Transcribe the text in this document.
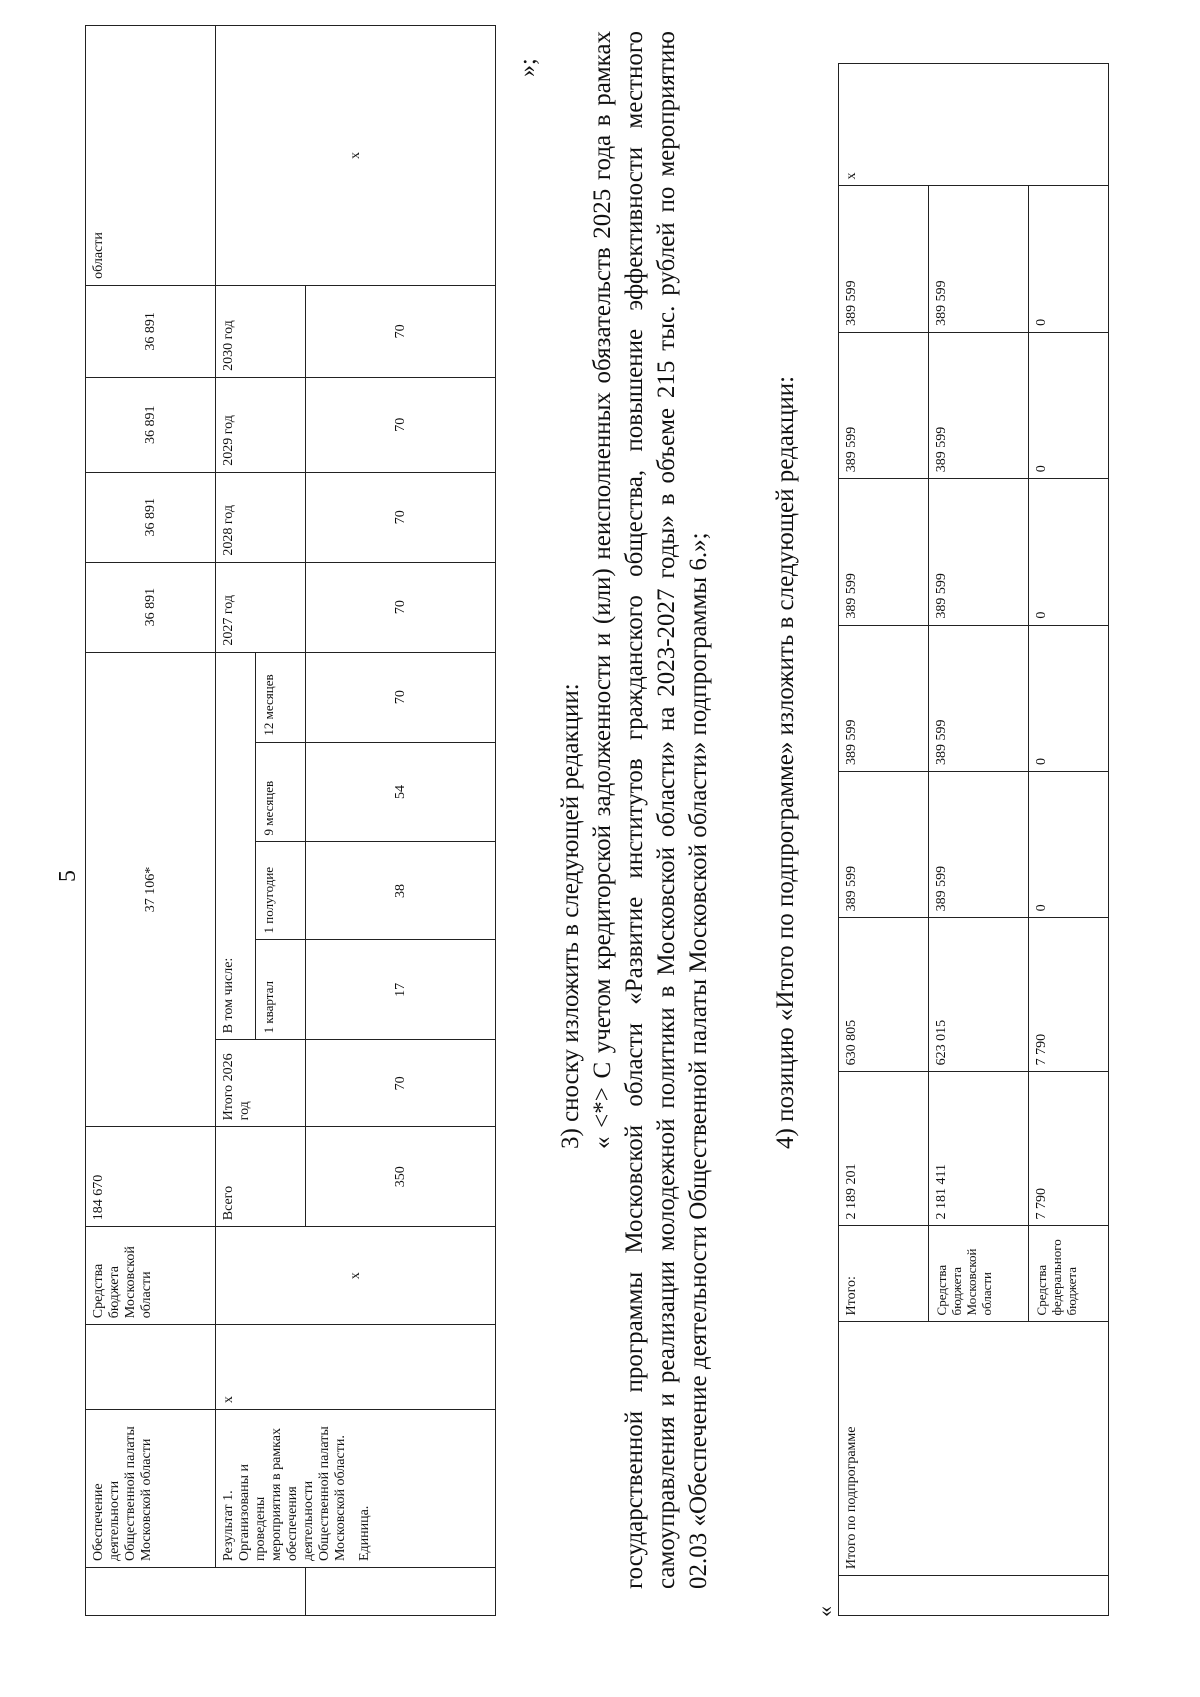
5
	Обеспечение деятельности Общественной палаты Московской области		Средства бюджета Московской области	184 670	37 106*					36 891	36 891	36 891	36 891	области

	Результат 1. Организованы и проведены мероприятия в рамках обеспечения деятельности Общественной палаты Московской области. Единица.	х	х	Всего	Итого 2026 год	В том числе:				2027 год	2028 год	2029 год	2030 год	х
						1 квартал	1 полугодие	9 месяцев	12 месяцев					
				350	70	17	38	54	70	70	70	70	70	
»;
3) сноску изложить в следующей редакции: « <*> С учетом кредиторской задолженности и (или) неисполненных обязательств 2025 года в рамках государственной программы Московской области «Развитие институтов гражданского общества, повышение эффективности местного самоуправления и реализации молодежной политики в Московской области» на 2023-2027 годы» в объеме 215 тыс. рублей по мероприятию 02.03 «Обеспечение деятельности Общественной палаты Московской области» подпрограммы 6.»; 4) позицию «Итого по подпрограмме» изложить в следующей редакции:
«
	Итого по подпрограмме	Итого:	2 189 201	630 805	389 599	389 599	389 599	389 599	389 599	х
		Средства бюджета Московской области	2 181 411	623 015	389 599	389 599	389 599	389 599	389 599	
		Средства федерального бюджета	7 790	7 790	0	0	0	0	0	
